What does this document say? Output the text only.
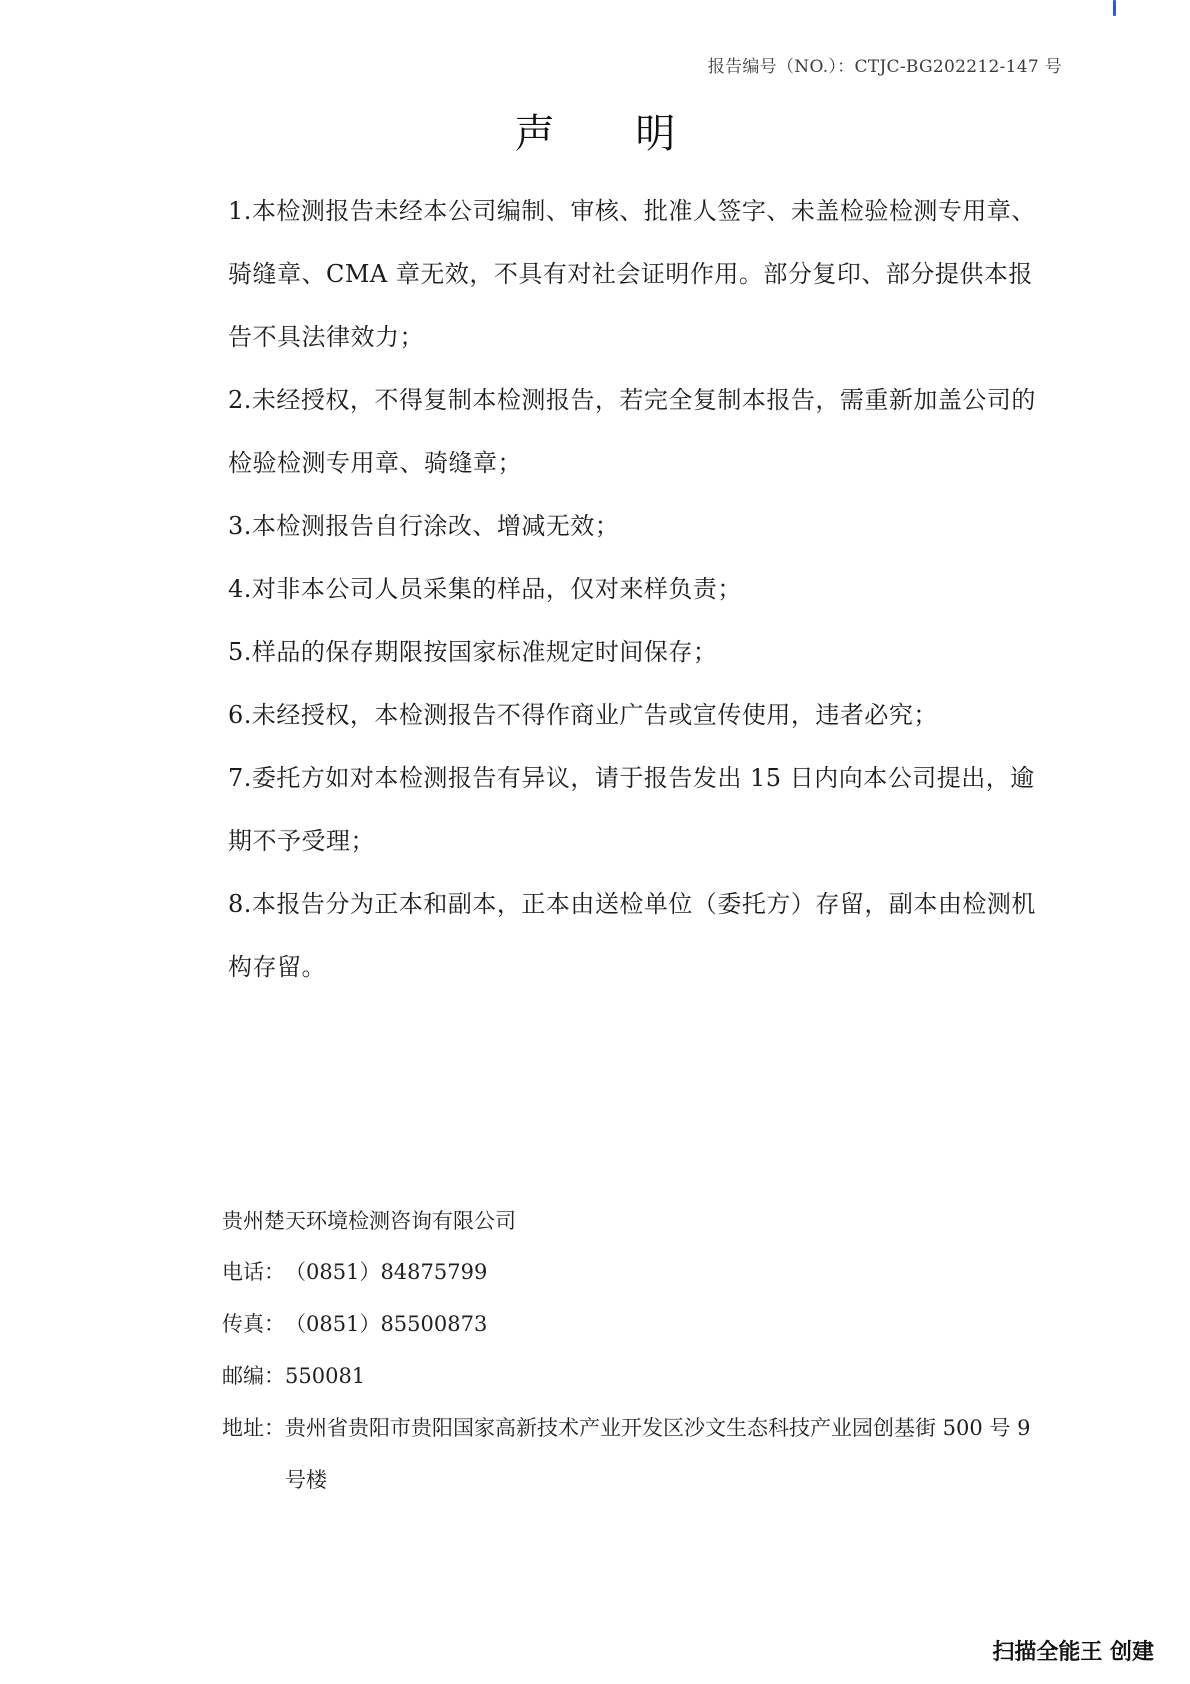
报告编号（NO.）：CTJC-BG202212-147 号
声 明
1.本检测报告未经本公司编制、审核、批准人签字、未盖检验检测专用章、骑缝章、CMA 章无效，不具有对社会证明作用。部分复印、部分提供本报告不具法律效力；
2.未经授权，不得复制本检测报告，若完全复制本报告，需重新加盖公司的检验检测专用章、骑缝章；
3.本检测报告自行涂改、增减无效；
4.对非本公司人员采集的样品，仅对来样负责；
5.样品的保存期限按国家标准规定时间保存；
6.未经授权，本检测报告不得作商业广告或宣传使用，违者必究；
7.委托方如对本检测报告有异议，请于报告发出 15 日内向本公司提出，逾期不予受理；
8.本报告分为正本和副本，正本由送检单位（委托方）存留，副本由检测机构存留。
贵州楚天环境检测咨询有限公司
电话： （0851）84875799
传真： （0851）85500873
邮编： 550081
地址： 贵州省贵阳市贵阳国家高新技术产业开发区沙文生态科技产业园创基街 500 号 9 号楼
扫描全能王 创建
